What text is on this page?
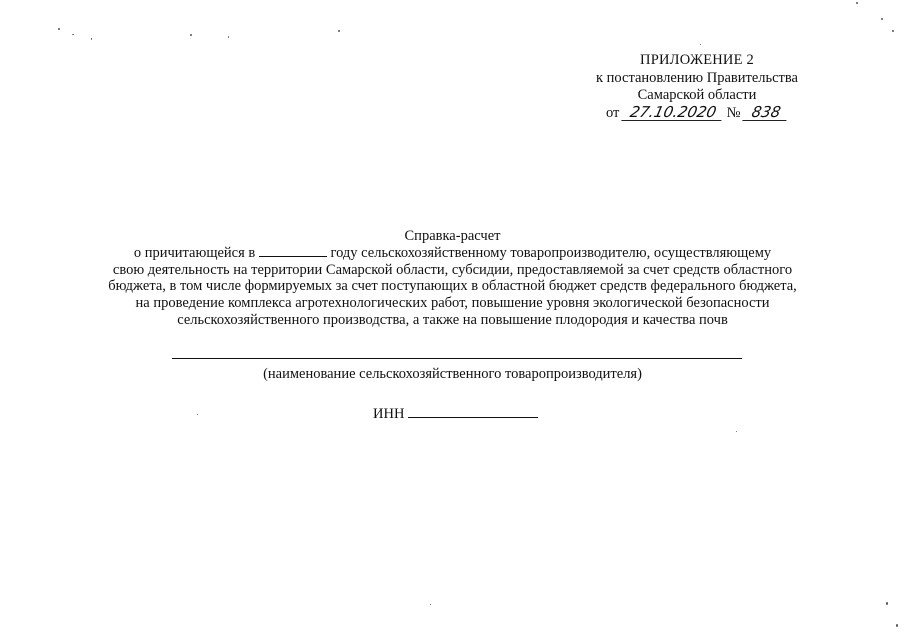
ПРИЛОЖЕНИЕ 2
к постановлению Правительства
Самарской области
от 27.10.2020 № 838
Справка-расчет
о причитающейся в	году сельскохозяйственному товаропроизводителю, осуществляющему
свою деятельность на территории Самарской области, субсидии, предоставляемой за счет средств областного
бюджета, в том числе формируемых за счет поступающих в областной бюджет средств федерального бюджета,
на проведение комплекса агротехнологических работ, повышение уровня экологической безопасности
сельскохозяйственного производства, а также на повышение плодородия и качества почв
(наименование сельскохозяйственного товаропроизводителя)
ИНН
